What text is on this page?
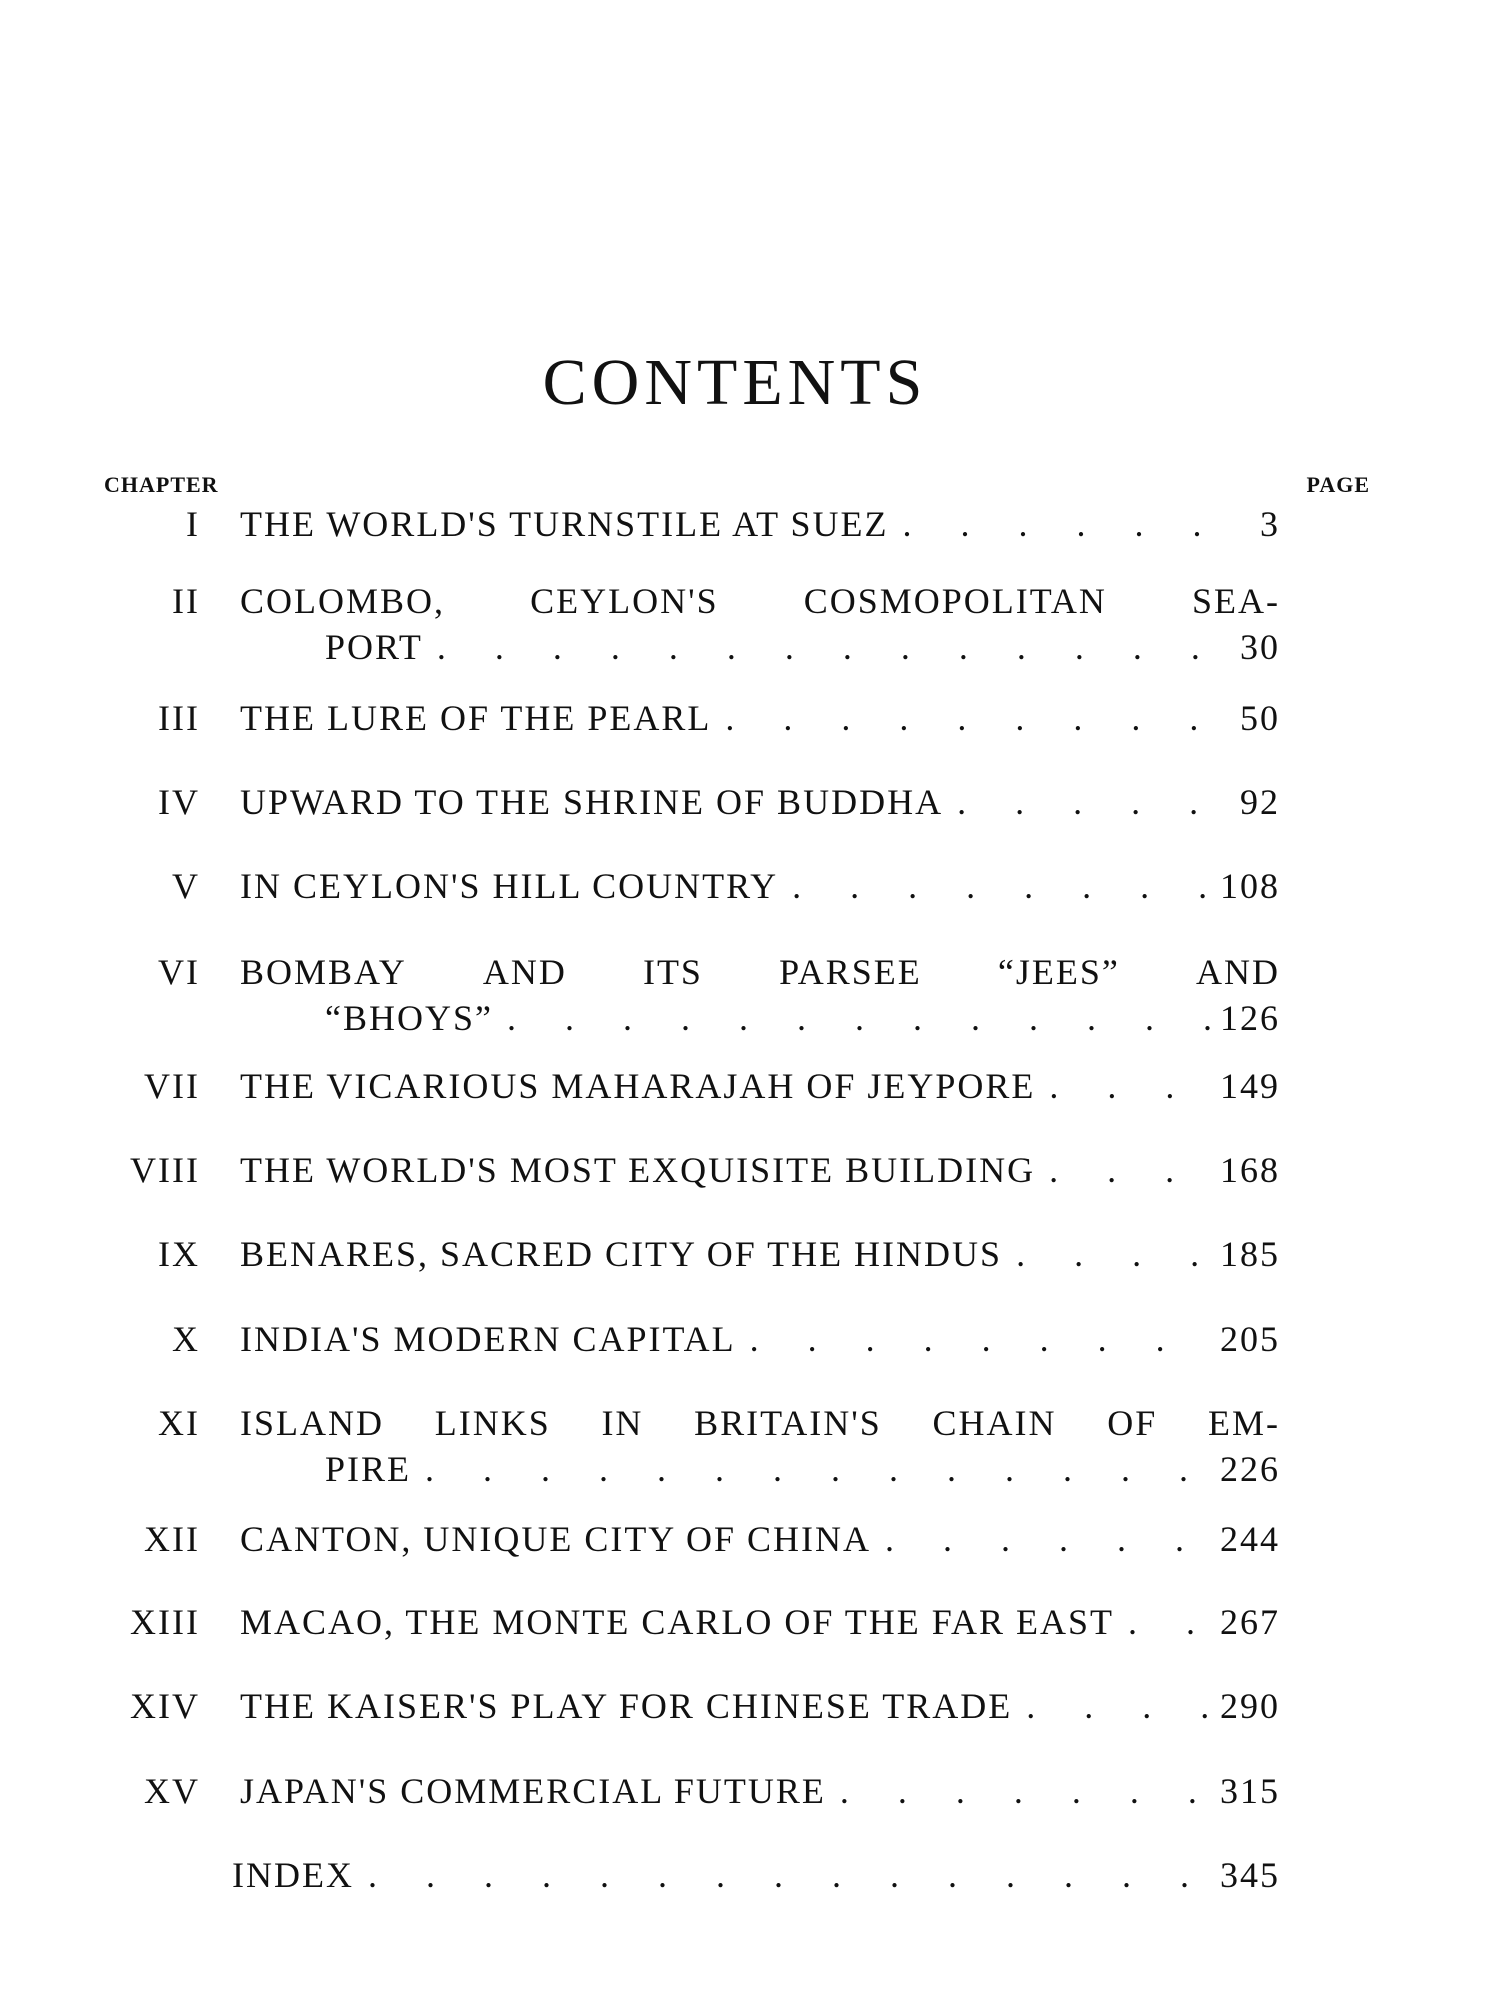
CONTENTS
CHAPTER	PAGE
I THE WORLD'S TURNSTILE AT SUEZ . . .	3
II COLOMBO, CEYLON'S COSMOPOLITAN SEA-
PORT . . .	30
III THE LURE OF THE PEARL . . .	50
IV UPWARD TO THE SHRINE OF BUDDHA . . .	92
V IN CEYLON'S HILL COUNTRY . . .	108
VI BOMBAY AND ITS PARSEE “JEES” AND
“BHOYS” . . .	126
VII THE VICARIOUS MAHARAJAH OF JEYPORE . . .	149
VIII THE WORLD'S MOST EXQUISITE BUILDING . . .	168
IX BENARES, SACRED CITY OF THE HINDUS . . .	185
X INDIA'S MODERN CAPITAL . . .	205
XI ISLAND LINKS IN BRITAIN'S CHAIN OF EM-
PIRE . . .	226
XII CANTON, UNIQUE CITY OF CHINA . . .	244
XIII MACAO, THE MONTE CARLO OF THE FAR EAST . . .	267
XIV THE KAISER'S PLAY FOR CHINESE TRADE . . .	290
XV JAPAN'S COMMERCIAL FUTURE . . .	315
INDEX . . .	345
